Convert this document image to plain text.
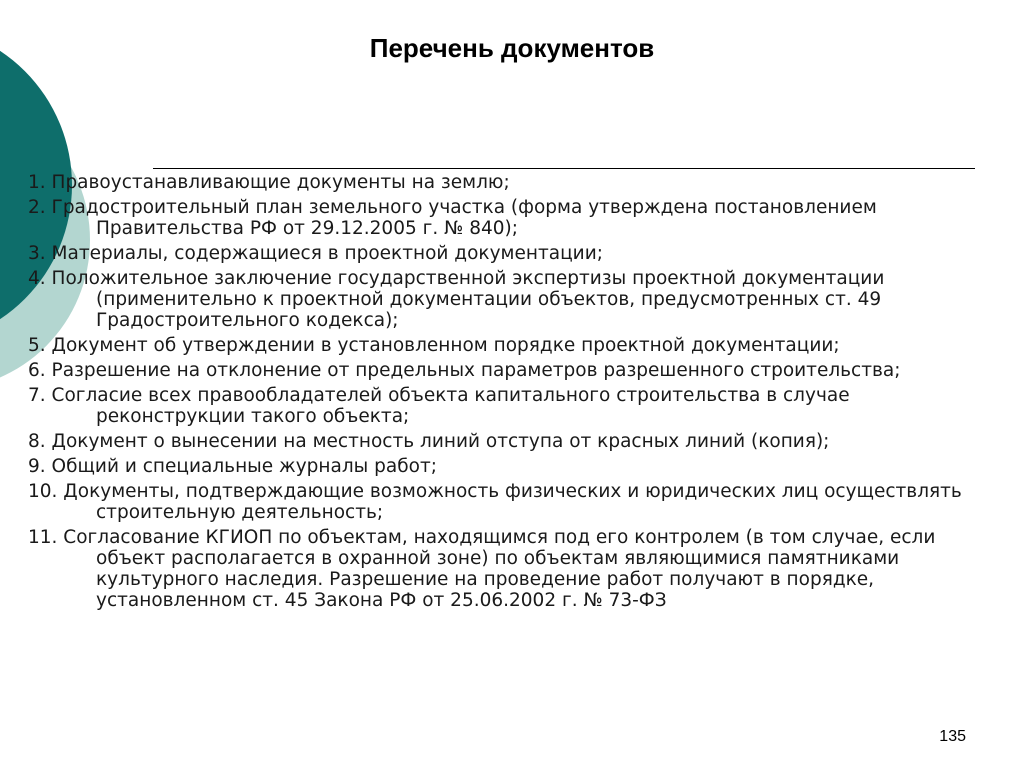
Перечень документов
1. Правоустанавливающие документы на землю;
2. Градостроительный план земельного участка (форма утверждена постановлением Правительства РФ от 29.12.2005 г. № 840);
3. Материалы, содержащиеся в проектной документации;
4. Положительное заключение государственной экспертизы проектной документации (применительно к проектной документации объектов, предусмотренных ст. 49 Градостроительного кодекса);
5. Документ об утверждении в установленном порядке проектной документации;
6. Разрешение на отклонение от предельных параметров разрешенного строительства;
7. Согласие всех правообладателей объекта капитального строительства в случае реконструкции такого объекта;
8. Документ о вынесении на местность линий отступа от красных линий (копия);
9. Общий и специальные журналы работ;
10. Документы, подтверждающие возможность физических и юридических лиц осуществлять строительную деятельность;
11. Согласование КГИОП по объектам, находящимся под его контролем (в том случае, если объект располагается в охранной зоне) по объектам являющимися памятниками культурного наследия. Разрешение на проведение работ получают в порядке, установленном ст. 45 Закона РФ от 25.06.2002 г. № 73-ФЗ
135
